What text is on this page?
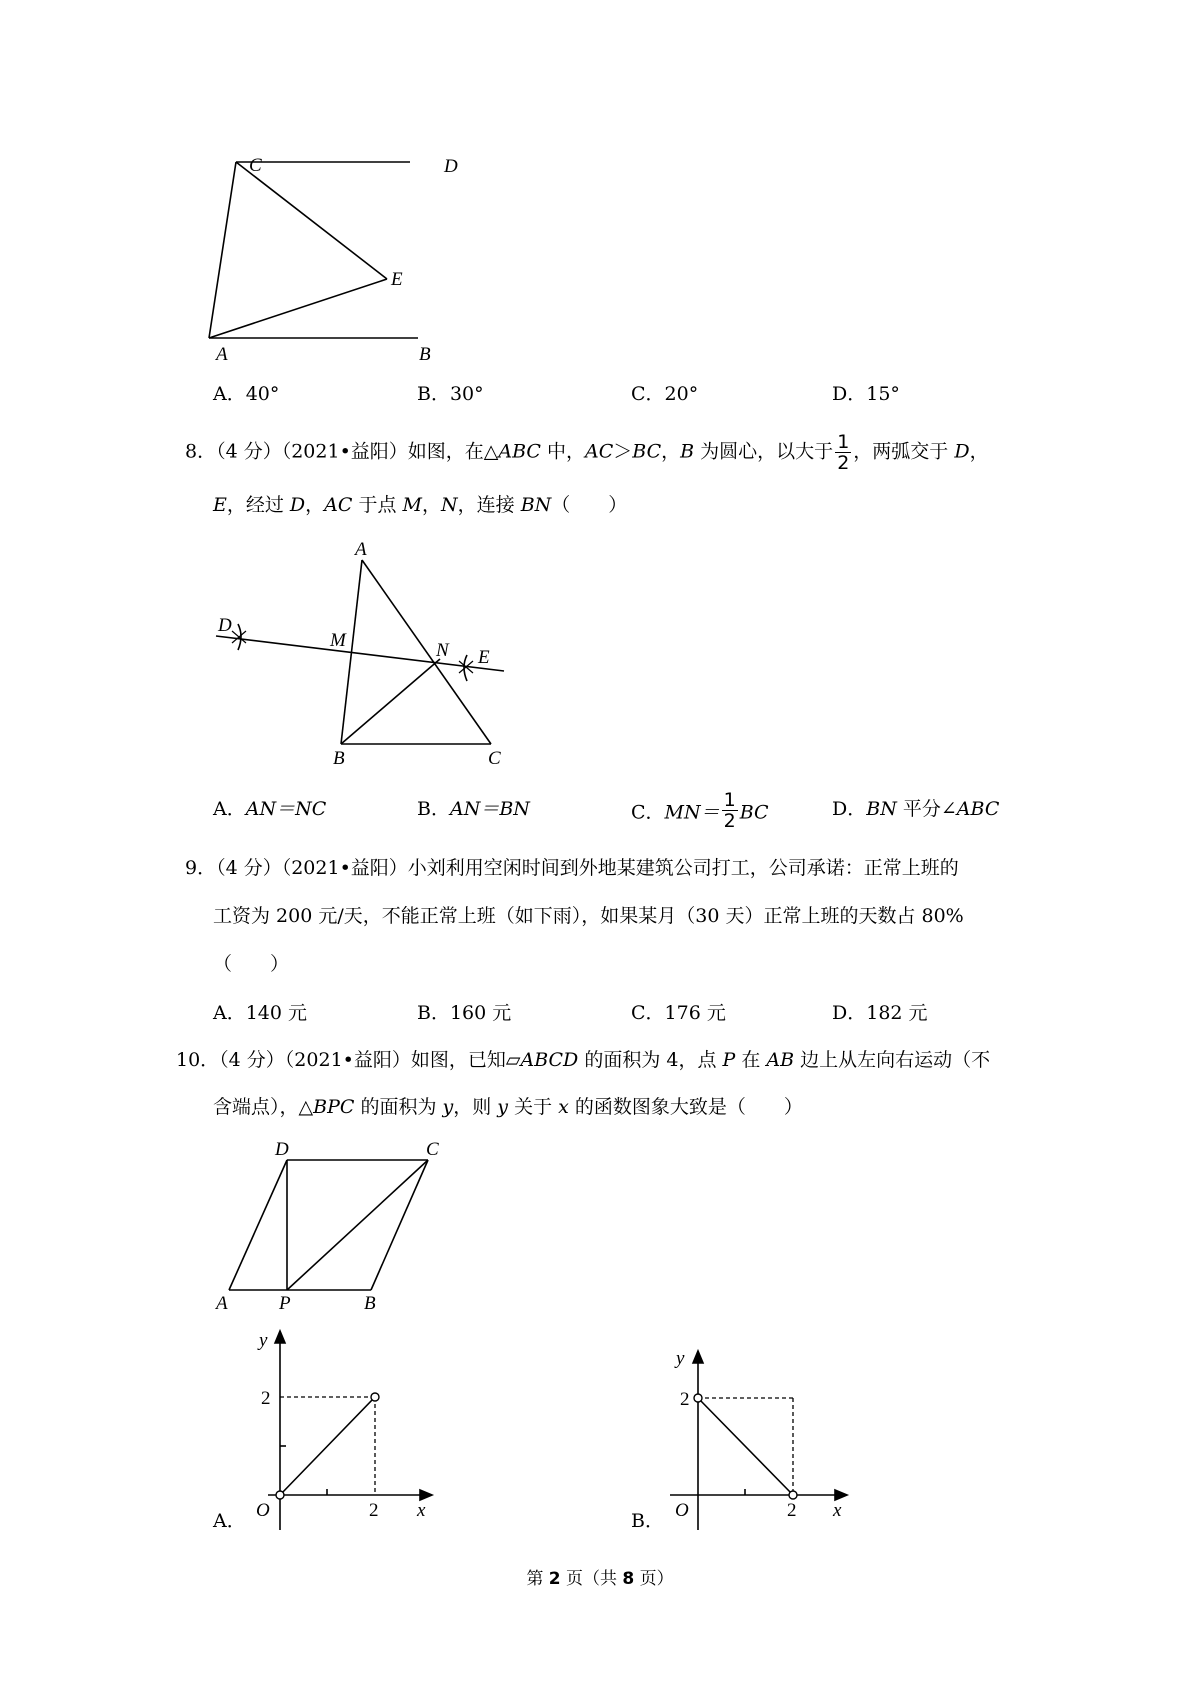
C	D
E
A	B
A．40°	B．30°	C．20°	D．15°
8．（4 分）（2021•益阳）如图，在△ABC 中，AC＞BC，B 为圆心，以大于 $\frac{1}{2}$ ，两弧交于 D，
E，经过 D，AC 于点 M，N，连接 BN（　　）
A
D
M	N E
B	C
A．AN＝NC	B．AN＝BN	C．$MN= \frac{1}{2}$ BC	D．BN 平分∠ABC
9．（4 分）（2021•益阳）小刘利用空闲时间到外地某建筑公司打工，公司承诺：正常上班的
工资为 200 元/天，不能正常上班（如下雨），如果某月（30 天）正常上班的天数占 80%
（　　）
A．140 元	B．160 元	C．176 元	D．182 元
10．（4 分）（2021•益阳）如图，已知▱ABCD 的面积为 4，点 P 在 AB 边上从左向右运动（不
含端点），△BPC 的面积为 y，则 y 关于 x 的函数图象大致是（　　）
D	C
A	P	B
y
2
O	2 x
A．
y
2
O	2 x
B．
第 2 页（共 8 页）
